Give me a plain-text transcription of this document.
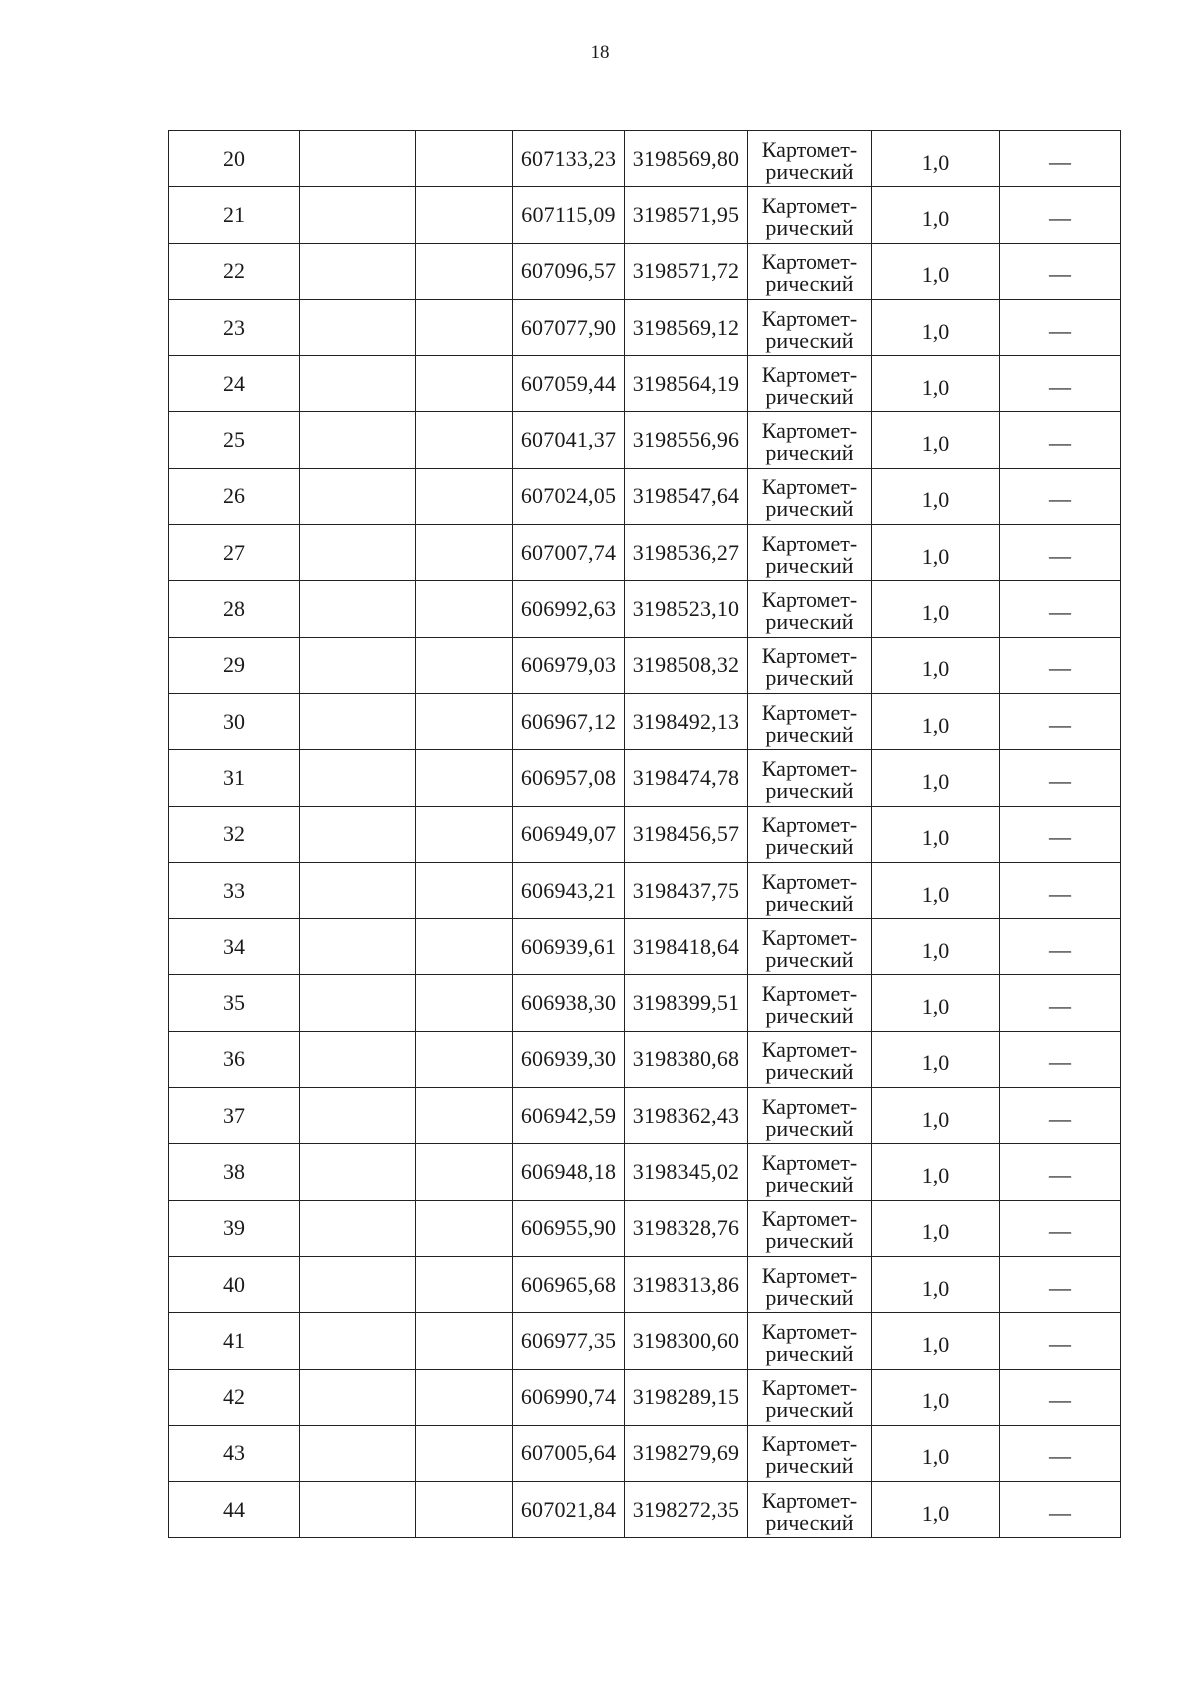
18
20			607133,23	3198569,80	Картомет-
рический	1,0	—
21			607115,09	3198571,95	Картомет-
рический	1,0	—
22			607096,57	3198571,72	Картомет-
рический	1,0	—
23			607077,90	3198569,12	Картомет-
рический	1,0	—
24			607059,44	3198564,19	Картомет-
рический	1,0	—
25			607041,37	3198556,96	Картомет-
рический	1,0	—
26			607024,05	3198547,64	Картомет-
рический	1,0	—
27			607007,74	3198536,27	Картомет-
рический	1,0	—
28			606992,63	3198523,10	Картомет-
рический	1,0	—
29			606979,03	3198508,32	Картомет-
рический	1,0	—
30			606967,12	3198492,13	Картомет-
рический	1,0	—
31			606957,08	3198474,78	Картомет-
рический	1,0	—
32			606949,07	3198456,57	Картомет-
рический	1,0	—
33			606943,21	3198437,75	Картомет-
рический	1,0	—
34			606939,61	3198418,64	Картомет-
рический	1,0	—
35			606938,30	3198399,51	Картомет-
рический	1,0	—
36			606939,30	3198380,68	Картомет-
рический	1,0	—
37			606942,59	3198362,43	Картомет-
рический	1,0	—
38			606948,18	3198345,02	Картомет-
рический	1,0	—
39			606955,90	3198328,76	Картомет-
рический	1,0	—
40			606965,68	3198313,86	Картомет-
рический	1,0	—
41			606977,35	3198300,60	Картомет-
рический	1,0	—
42			606990,74	3198289,15	Картомет-
рический	1,0	—
43			607005,64	3198279,69	Картомет-
рический	1,0	—
44			607021,84	3198272,35	Картомет-
рический	1,0	—
